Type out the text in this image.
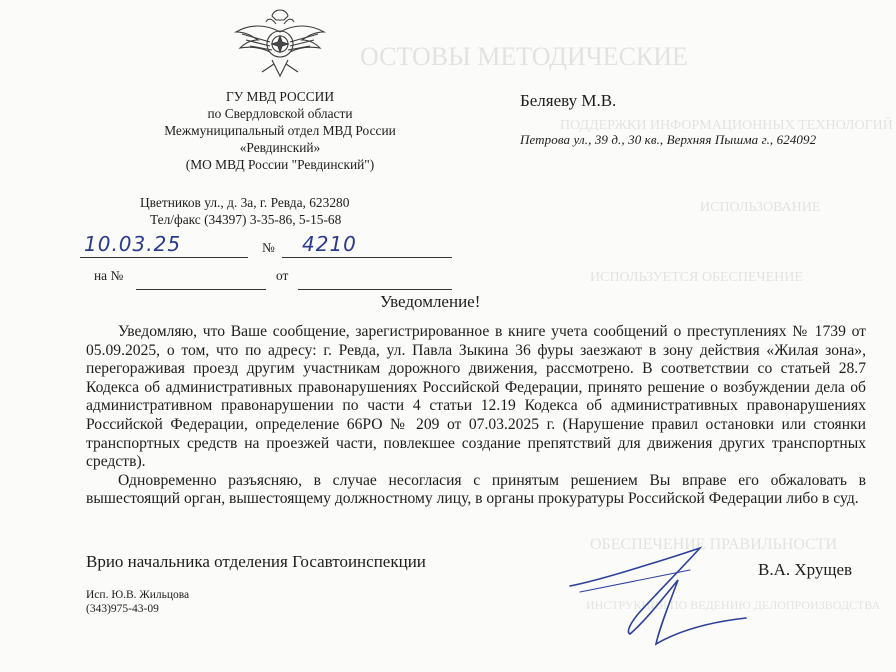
ОСТОВЫ МЕТОДИЧЕСКИЕ
ПОДДЕРЖКИ ИНФОРМАЦИОННЫХ ТЕХНОЛОГИЙ
ИСПОЛЬЗОВАНИЕ
ИСПОЛЬЗУЕТСЯ ОБЕСПЕЧЕНИЕ
ОБЕСПЕЧЕНИЕ ПРАВИЛЬНОСТИ
ИНСТРУКЦИЯ ПО ВЕДЕНИЮ ДЕЛОПРОИЗВОДСТВА
ГУ МВД РОССИИ
по Свердловской области
Межмуниципальный отдел МВД России
«Ревдинский»
(МО МВД России "Ревдинский")
Цветников ул., д. 3а, г. Ревда, 623280
Тел/факс (34397) 3-35-86, 5-15-68
Беляеву М.В.
Петрова ул., 39 д., 30 кв., Верхняя Пышма г., 624092
10.03.25	№ 4210
на №	от
Уведомление!

Уведомляю, что Ваше сообщение, зарегистрированное в книге учета сообщений о преступлениях № 1739 от 05.09.2025, о том, что по адресу: г. Ревда, ул. Павла Зыкина 36 фуры заезжают в зону действия «Жилая зона», перегораживая проезд другим участникам дорожного движения, рассмотрено. В соответствии со статьей 28.7 Кодекса об административных правонарушениях Российской Федерации, принято решение о возбуждении дела об административном правонарушении по части 4 статьи 12.19 Кодекса об административных правонарушениях Российской Федерации, определение 66РО № 209 от 07.03.2025 г. (Нарушение правил остановки или стоянки транспортных средств на проезжей части, повлекшее создание препятствий для движения других транспортных средств).

Одновременно разъясняю, в случае несогласия с принятым решением Вы вправе его обжаловать в вышестоящий орган, вышестоящему должностному лицу, в органы прокуратуры Российской Федерации либо в суд.

Врио начальника отделения Госавтоинспекции	В.А. Хрущев
Исп. Ю.В. Жильцова
(343)975-43-09
